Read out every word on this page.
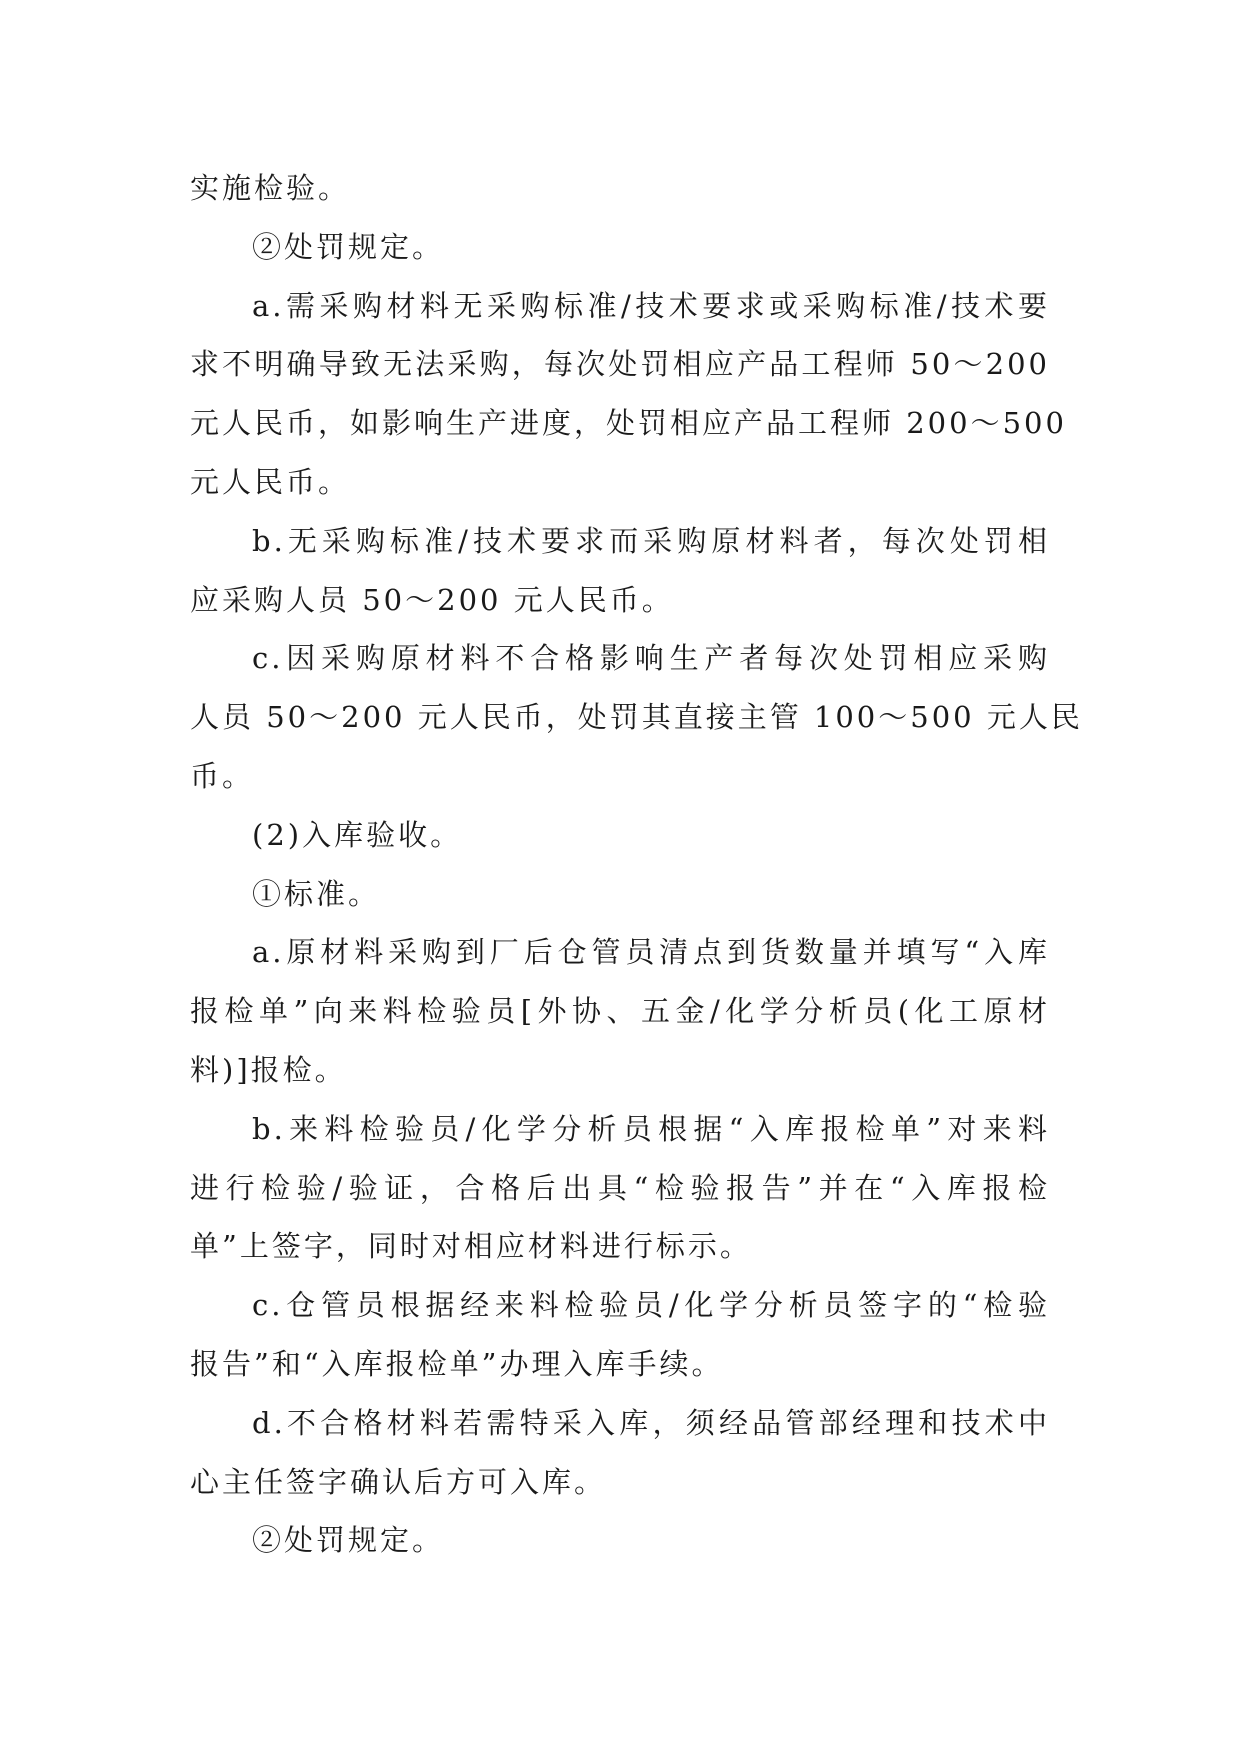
实施检验。
②处罚规定。
a.需采购材料无采购标准/技术要求或采购标准/技术要
求不明确导致无法采购，每次处罚相应产品工程师 50～200
元人民币，如影响生产进度，处罚相应产品工程师 200～500
元人民币。
b.无采购标准/技术要求而采购原材料者，每次处罚相
应采购人员 50～200 元人民币。
c.因采购原材料不合格影响生产者每次处罚相应采购
人员 50～200 元人民币，处罚其直接主管 100～500 元人民
币。
(2)入库验收。
①标准。
a.原材料采购到厂后仓管员清点到货数量并填写“入库
报检单”向来料检验员[外协、五金/化学分析员(化工原材
料)]报检。
b.来料检验员/化学分析员根据“入库报检单”对来料
进行检验/验证，合格后出具“检验报告”并在“入库报检
单”上签字，同时对相应材料进行标示。
c.仓管员根据经来料检验员/化学分析员签字的“检验
报告”和“入库报检单”办理入库手续。
d.不合格材料若需特采入库，须经品管部经理和技术中
心主任签字确认后方可入库。
②处罚规定。
